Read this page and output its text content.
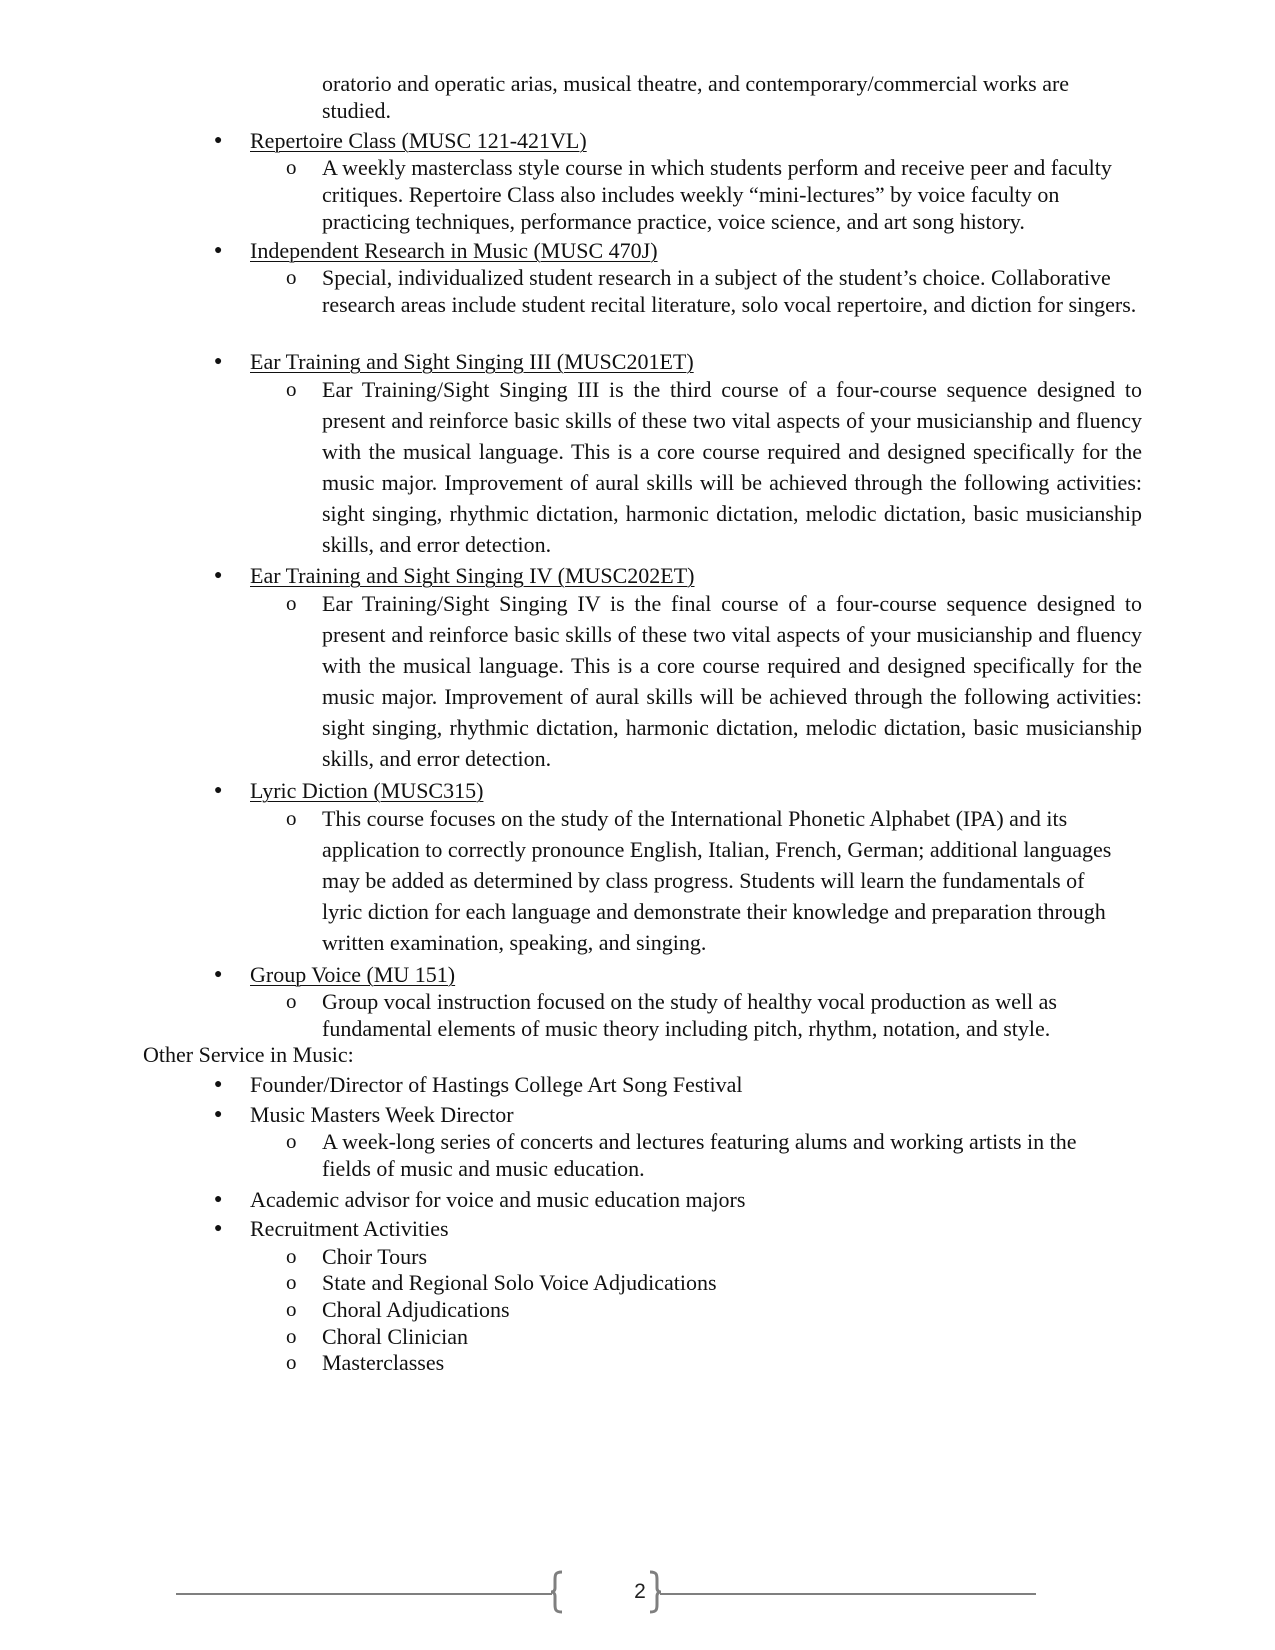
oratorio and operatic arias, musical theatre, and contemporary/commercial works are studied.

● Repertoire Class (MUSC 121-421VL)
o A weekly masterclass style course in which students perform and receive peer and faculty critiques. Repertoire Class also includes weekly “mini-lectures” by voice faculty on practicing techniques, performance practice, voice science, and art song history.

● Independent Research in Music (MUSC 470J)
o Special, individualized student research in a subject of the student’s choice. Collaborative research areas include student recital literature, solo vocal repertoire, and diction for singers.

● Ear Training and Sight Singing III (MUSC201ET)
o Ear Training/Sight Singing III is the third course of a four-course sequence designed to present and reinforce basic skills of these two vital aspects of your musicianship and fluency with the musical language. This is a core course required and designed specifically for the music major. Improvement of aural skills will be achieved through the following activities: sight singing, rhythmic dictation, harmonic dictation, melodic dictation, basic musicianship skills, and error detection.

● Ear Training and Sight Singing IV (MUSC202ET)
o Ear Training/Sight Singing IV is the final course of a four-course sequence designed to present and reinforce basic skills of these two vital aspects of your musicianship and fluency with the musical language. This is a core course required and designed specifically for the music major. Improvement of aural skills will be achieved through the following activities: sight singing, rhythmic dictation, harmonic dictation, melodic dictation, basic musicianship skills, and error detection.

● Lyric Diction (MUSC315)
o This course focuses on the study of the International Phonetic Alphabet (IPA) and its application to correctly pronounce English, Italian, French, German; additional languages may be added as determined by class progress. Students will learn the fundamentals of lyric diction for each language and demonstrate their knowledge and preparation through written examination, speaking, and singing.

● Group Voice (MU 151)
o Group vocal instruction focused on the study of healthy vocal production as well as fundamental elements of music theory including pitch, rhythm, notation, and style.

Other Service in Music:
● Founder/Director of Hastings College Art Song Festival
● Music Masters Week Director
o A week-long series of concerts and lectures featuring alums and working artists in the fields of music and music education.

● Academic advisor for voice and music education majors
● Recruitment Activities
o Choir Tours
o State and Regional Solo Voice Adjudications
o Choral Adjudications
o Choral Clinician
o Masterclasses
2
